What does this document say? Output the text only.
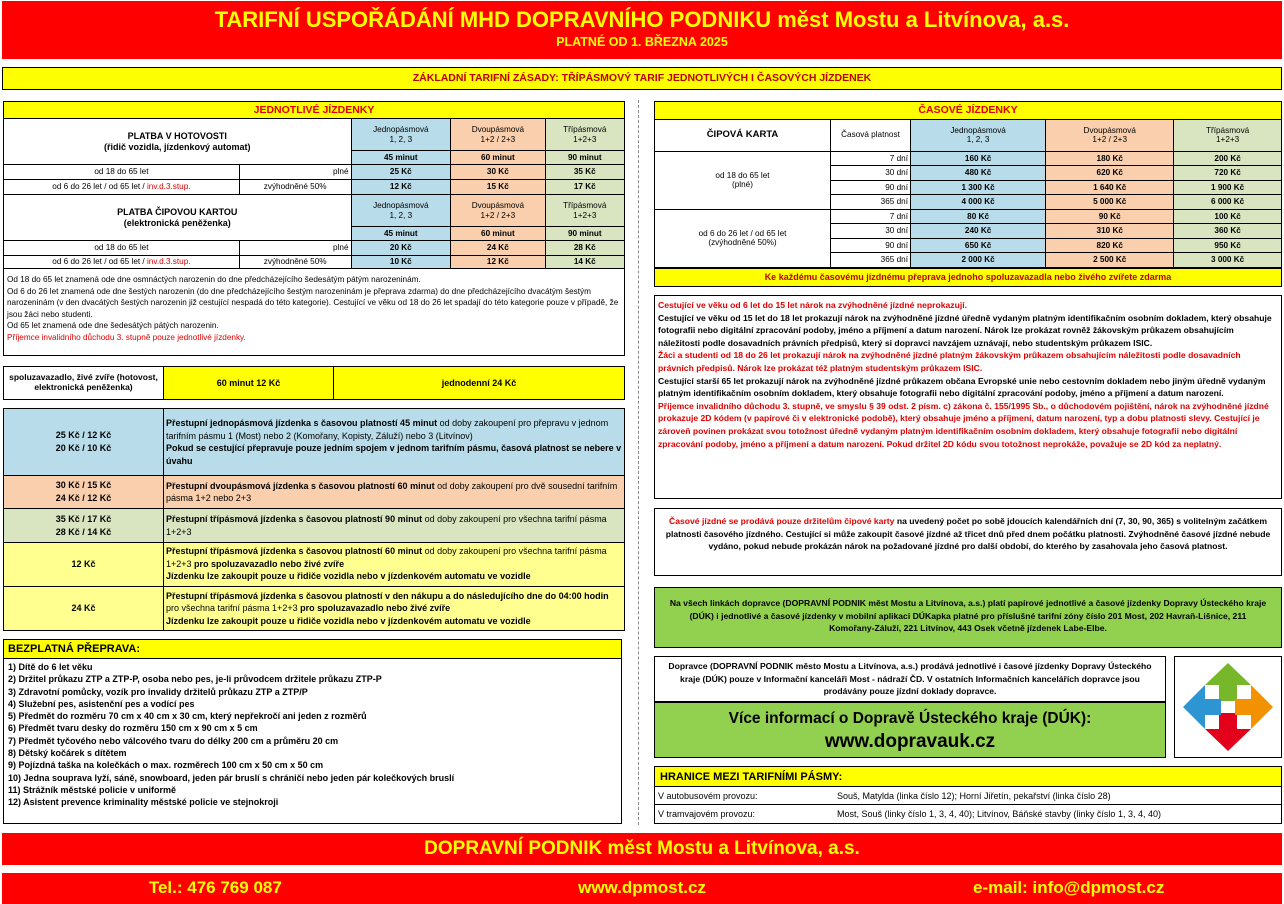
TARIFNÍ USPOŘÁDÁNÍ MHD DOPRAVNÍHO PODNIKU měst Mostu a Litvínova, a.s.
PLATNÉ OD 1. BŘEZNA 2025
ZÁKLADNÍ TARIFNÍ ZÁSADY: TŘÍPÁSMOVÝ TARIF JEDNOTLIVÝCH I ČASOVÝCH JÍZDENEK
JEDNOTLIVÉ JÍZDENKY				
PLATBA V HOTOVOSTI
(řidič vozidla, jízdenkový automat)		Jednopásmová
1, 2, 3	Dvoupásmová
1+2 / 2+3	Třípásmová
1+2+3
		45 minut	60 minut	90 minut
od 18 do 65 let	plné	25 Kč	30 Kč	35 Kč
od 6 do 26 let / od 65 let / inv.d.3.stup.	zvýhodněné 50%	12 Kč	15 Kč	17 Kč
PLATBA ČIPOVOU KARTOU
(elektronická peněženka)		Jednopásmová
1, 2, 3	Dvoupásmová
1+2 / 2+3	Třípásmová
1+2+3
		45 minut	60 minut	90 minut
od 18 do 65 let	plné	20 Kč	24 Kč	28 Kč
od 6 do 26 let / od 65 let / inv.d.3.stup.	zvýhodněné 50%	10 Kč	12 Kč	14 Kč
Od 18 do 65 let znamená ode dne osmnáctých narozenin do dne předcházejícího šedesátým pátým narozeninám.
Od 6 do 26 let znamená ode dne šestých narozenin (do dne předcházejícího šestým narozeninám je přeprava zdarma) do dne předcházejícího dvacátým šestým narozeninám (v den dvacátých šestých narozenin již cestující nespadá do této kategorie). Cestující ve věku od 18 do 26 let spadají do této kategorie pouze v případě, že jsou žáci nebo studenti.
Od 65 let znamená ode dne šedesátých pátých narozenin.
Příjemce invalidního důchodu 3. stupně pouze jednotlivé jízdenky.
spoluzavazadlo, živé zvíře (hotovost, elektronická peněženka)	60 minut 12 Kč	jednodenní 24 Kč
25 Kč / 12 Kč
20 Kč / 10 Kč	Přestupní jednopásmová jízdenka s časovou platností 45 minut od doby zakoupení pro přepravu v jednom tarifním pásmu 1 (Most) nebo 2 (Komořany, Kopisty, Záluží) nebo 3 (Litvínov)
Pokud se cestující přepravuje pouze jedním spojem v jednom tarifním pásmu, časová platnost se nebere v úvahu
30 Kč / 15 Kč
24 Kč / 12 Kč	Přestupní dvoupásmová jízdenka s časovou platností 60 minut od doby zakoupení pro dvě sousední tarifním pásma 1+2 nebo 2+3
35 Kč / 17 Kč
28 Kč / 14 Kč	Přestupní třípásmová jízdenka s časovou platností 90 minut od doby zakoupení pro všechna tarifní pásma 1+2+3
12 Kč	Přestupní třípásmová jízdenka s časovou platností 60 minut od doby zakoupení pro všechna tarifní pásma 1+2+3 pro spoluzavazadlo nebo živé zvíře
Jízdenku lze zakoupit pouze u řidiče vozidla nebo v jízdenkovém automatu ve vozidle
24 Kč	Přestupní třípásmová jízdenka s časovou platností v den nákupu a do následujícího dne do 04:00 hodin pro všechna tarifní pásma 1+2+3 pro spoluzavazadlo nebo živé zvíře
Jízdenku lze zakoupit pouze u řidiče vozidla nebo v jízdenkovém automatu ve vozidle
BEZPLATNÁ PŘEPRAVA:
1) Dítě do 6 let věku
2) Držitel průkazu ZTP a ZTP-P, osoba nebo pes, je-li průvodcem držitele průkazu ZTP-P
3) Zdravotní pomůcky, vozík pro invalidy držitelů průkazu ZTP a ZTP/P
4) Služební pes, asistenční pes a vodící pes
5) Předmět do rozměru 70 cm x 40 cm x 30 cm, který nepřekročí ani jeden z rozměrů
6) Předmět tvaru desky do rozměru 150 cm x 90 cm x 5 cm
7) Předmět tyčového nebo válcového tvaru do délky 200 cm a průměru 20 cm
8) Dětský kočárek s dítětem
9) Pojízdná taška na kolečkách o max. rozměrech 100 cm x 50 cm x 50 cm
10) Jedna souprava lyží, sáně, snowboard, jeden pár bruslí s chráničí nebo jeden pár kolečkových bruslí
11) Strážník městské policie v uniformě
12) Asistent prevence kriminality městské policie ve stejnokroji
ČASOVÉ JÍZDENKY				
ČIPOVÁ KARTA	Časová platnost	Jednopásmová
1, 2, 3	Dvoupásmová
1+2 / 2+3	Třípásmová
1+2+3
od 18 do 65 let
(plné)	7 dní	160 Kč	180 Kč	200 Kč
	30 dní	480 Kč	620 Kč	720 Kč
	90 dní	1 300 Kč	1 640 Kč	1 900 Kč
	365 dní	4 000 Kč	5 000 Kč	6 000 Kč
od 6 do 26 let / od 65 let
(zvýhodněné 50%)	7 dní	80 Kč	90 Kč	100 Kč
	30 dní	240 Kč	310 Kč	360 Kč
	90 dní	650 Kč	820 Kč	950 Kč
	365 dní	2 000 Kč	2 500 Kč	3 000 Kč
Ke každému časovému jízdnému přeprava jednoho spoluzavazadla nebo živého zvířete zdarma
Cestující ve věku od 6 let do 15 let nárok na zvýhodněné jízdné neprokazují.
Cestující ve věku od 15 let do 18 let prokazují nárok na zvýhodněné jízdné úředně vydaným platným identifikačním osobním dokladem, který obsahuje fotografii nebo digitální zpracování podoby, jméno a příjmení a datum narození. Nárok lze prokázat rovněž žákovským průkazem obsahujícím náležitosti podle dosavadních právních předpisů, který si dopravci navzájem uznávají, nebo studentským průkazem ISIC.
Žáci a studenti od 18 do 26 let prokazují nárok na zvýhodněné jízdné platným žákovským průkazem obsahujícím náležitosti podle dosavadních právních předpisů. Nárok lze prokázat též platným studentským průkazem ISIC.
Cestující starší 65 let prokazují nárok na zvýhodněné jízdné průkazem občana Evropské unie nebo cestovním dokladem nebo jiným úředně vydaným platným identifikačním osobním dokladem, který obsahuje fotografii nebo digitální zpracování podoby, jméno a příjmení a datum narození.
Příjemce invalidního důchodu 3. stupně, ve smyslu § 39 odst. 2 písm. c) zákona č. 155/1995 Sb., o důchodovém pojištění, nárok na zvýhodněné jízdné prokazuje 2D kódem (v papírové či v elektronické podobě), který obsahuje jméno a příjmení, datum narození, typ a dobu platnosti slevy. Cestující je zároveň povinen prokázat svou totožnost úředně vydaným platným identifikačním osobním dokladem, který obsahuje fotografii nebo digitální zpracování podoby, jméno a příjmení a datum narození. Pokud držitel 2D kódu svou totožnost neprokáže, považuje se 2D kód za neplatný.
Časové jízdné se prodává pouze držitelům čipové karty na uvedený počet po sobě jdoucích kalendářních dní (7, 30, 90, 365) s volitelným začátkem platnosti časového jízdného. Cestující si může zakoupit časové jízdné až třicet dnů před dnem počátku platnosti. Zvýhodněné časové jízdné nebude vydáno, pokud nebude prokázán nárok na požadované jízdné pro další období, do kterého by zasahovala jeho časová platnost.
Na všech linkách dopravce (DOPRAVNÍ PODNIK měst Mostu a Litvínova, a.s.) platí papírové jednotlivé a časové jízdenky Dopravy Ústeckého kraje (DÚK) i jednotlivé a časové jízdenky v mobilní aplikaci DÚKapka platné pro příslušné tarifní zóny číslo 201 Most, 202 Havraň-Lišnice, 211 Komořany-Záluží, 221 Litvínov, 443 Osek včetně jízdenek Labe-Elbe.
Dopravce (DOPRAVNÍ PODNIK město Mostu a Litvínova, a.s.) prodává jednotlivé i časové jízdenky Dopravy Ústeckého kraje (DÚK) pouze v Informační kanceláři Most - nádraží ČD. V ostatních Informačních kancelářích dopravce jsou prodávány pouze jízdní doklady dopravce.
Více informací o Dopravě Ústeckého kraje (DÚK):
www.dopravauk.cz
HRANICE MEZI TARIFNÍMI PÁSMY:
V autobusovém provozu:	Souš, Matylda (linka číslo 12); Horní Jiřetín, pekařství (linka číslo 28)
V tramvajovém provozu:	Most, Souš (linky číslo 1, 3, 4, 40); Litvínov, Báňské stavby (linky číslo 1, 3, 4, 40)
DOPRAVNÍ PODNIK měst Mostu a Litvínova, a.s.
Tel.: 476 769 087	www.dpmost.cz	e-mail: info@dpmost.cz
